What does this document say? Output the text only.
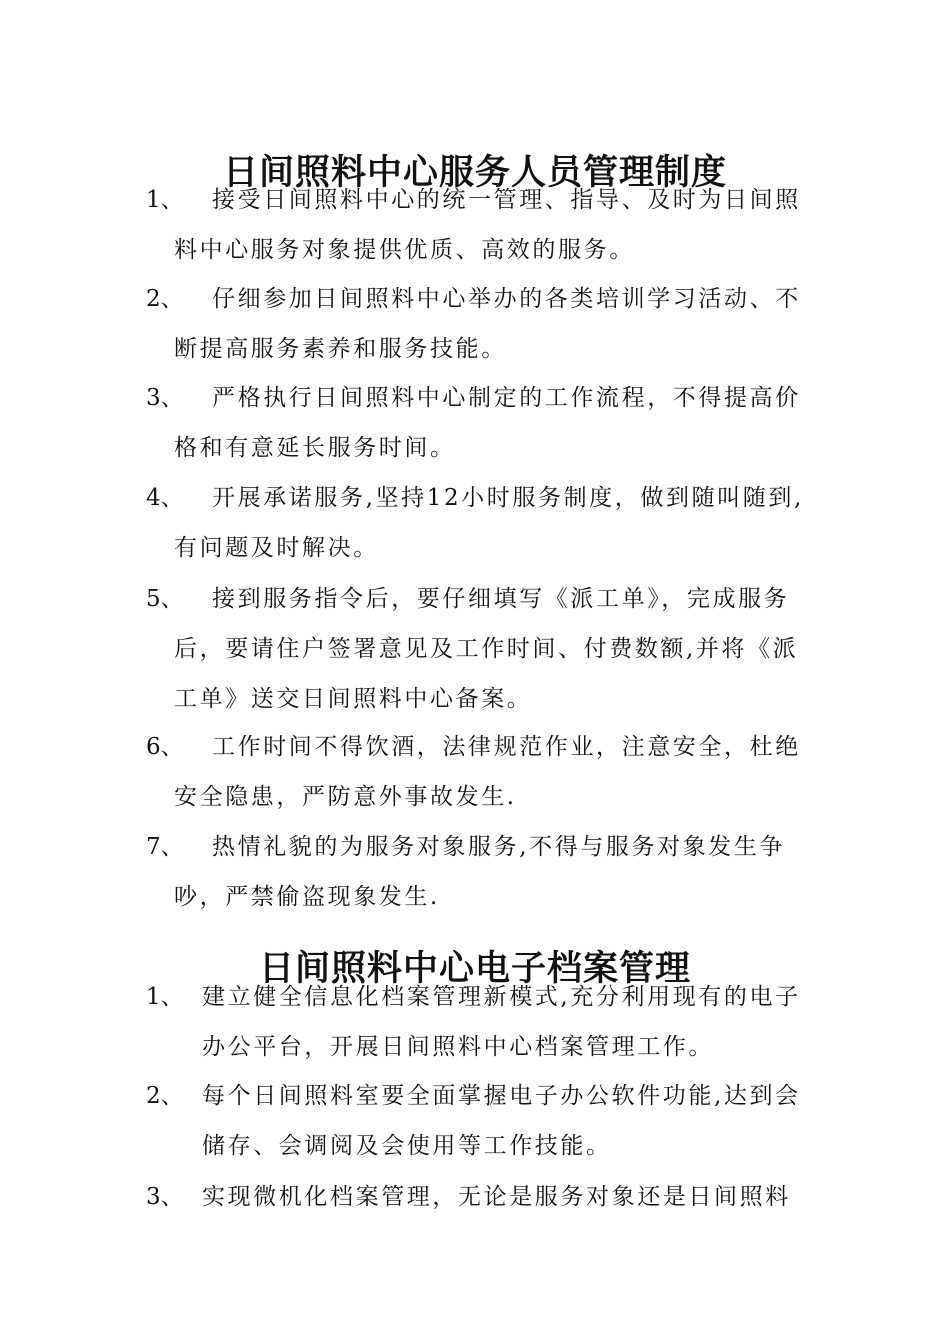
日间照料中心服务人员管理制度
1、 接受日间照料中心的统一管理、指导、及时为日间照
料中心服务对象提供优质、高效的服务。
2、 仔细参加日间照料中心举办的各类培训学习活动、不
断提高服务素养和服务技能。
3、 严格执行日间照料中心制定的工作流程，不得提高价
格和有意延长服务时间。
4、 开展承诺服务,坚持12小时服务制度，做到随叫随到,
有问题及时解决。
5、 接到服务指令后，要仔细填写《派工单》，完成服务
后，要请住户签署意见及工作时间、付费数额,并将《派
工单》送交日间照料中心备案。
6、 工作时间不得饮酒，法律规范作业，注意安全，杜绝
安全隐患，严防意外事故发生.
7、 热情礼貌的为服务对象服务,不得与服务对象发生争
吵，严禁偷盗现象发生.
日间照料中心电子档案管理
1、 建立健全信息化档案管理新模式,充分利用现有的电子
办公平台，开展日间照料中心档案管理工作。
2、 每个日间照料室要全面掌握电子办公软件功能,达到会
储存、会调阅及会使用等工作技能。
3、 实现微机化档案管理，无论是服务对象还是日间照料
